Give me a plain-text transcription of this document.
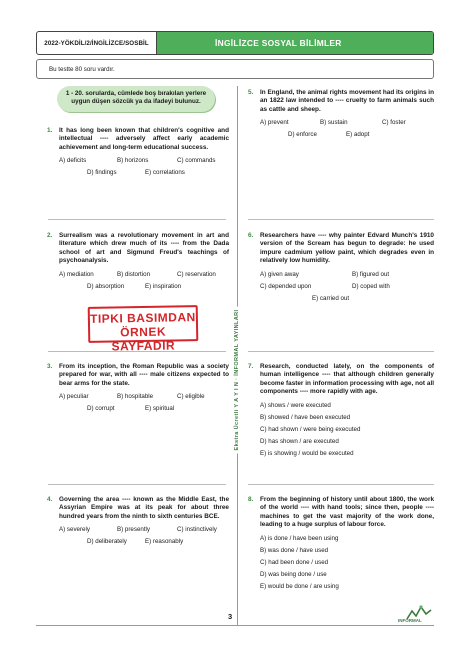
2022-YÖKDİL/2/İNGİLİZCE/SOSBİL	İNGİLİZCE SOSYAL BİLİMLER
Bu testte 80 soru vardır.
1 - 20. sorularda, cümlede boş bırakılan yerlere uygun düşen sözcük ya da ifadeyi bulunuz.
Ekstra Ücretli Y A Y I N · İNFORMAL YAYINLARI
1. It has long been known that children's cognitive and intellectual ---- adversely affect early academic achievement and long-term educational success.
A) deficits	B) horizons	C) commands
D) findings	E) correlations
2. Surrealism was a revolutionary movement in art and literature which drew much of its ---- from the Dada school of art and Sigmund Freud's teachings of psychoanalysis.
A) mediation	B) distortion	C) reservation
D) absorption	E) inspiration
TIPKI BASIMDAN
ÖRNEK SAYFADIR
3. From its inception, the Roman Republic was a society prepared for war, with all ---- male citizens expected to bear arms for the state.
A) peculiar	B) hospitable	C) eligible
D) corrupt	E) spiritual
4. Governing the area ---- known as the Middle East, the Assyrian Empire was at its peak for about three hundred years from the ninth to sixth centuries BCE.
A) severely	B) presently	C) instinctively
D) deliberately	E) reasonably
5. In England, the animal rights movement had its origins in an 1822 law intended to ---- cruelty to farm animals such as cattle and sheep.
A) prevent	B) sustain	C) foster
D) enforce	E) adopt
6. Researchers have ---- why painter Edvard Munch's 1910 version of the Scream has begun to degrade: he used impure cadmium yellow paint, which degrades even in relatively low humidity.
A) given away	B) figured out
C) depended upon	D) coped with
E) carried out
7. Research, conducted lately, on the components of human intelligence ---- that although children generally become faster in information processing with age, not all components ---- more rapidly with age.
A) shows / were executed
B) showed / have been executed
C) had shown / were being executed
D) has shown / are executed
E) is showing / would be executed
8. From the beginning of history until about 1800, the work of the world ---- with hand tools; since then, people ---- machines to get the vast majority of the work done, leading to a huge surplus of labour force.
A) is done / have been using
B) was done / have used
C) had been done / used
D) was being done / use
E) would be done / are using
3	INFORMAL
